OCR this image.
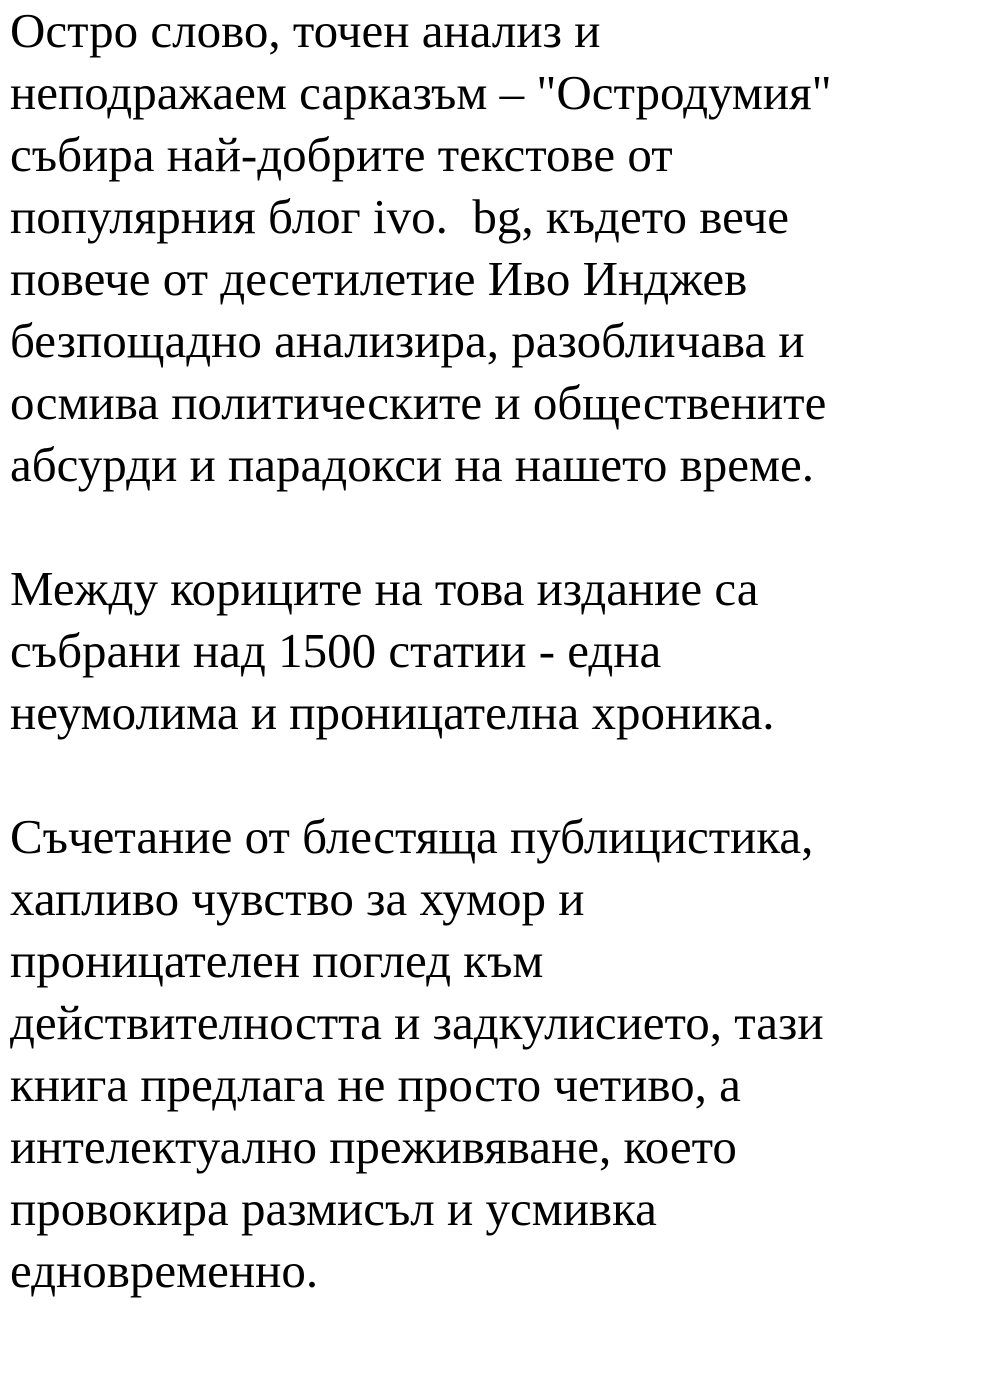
Остро слово, точен анализ и
неподражаем сарказъм – "Остродумия"
събира най-добрите текстове от
популярния блог ivo.  bg, където вече
повече от десетилетие Иво Инджев
безпощадно анализира, разобличава и
осмива политическите и обществените
абсурди и парадокси на нашето време.
Между кориците на това издание са
събрани над 1500 статии - една
неумолима и проницателна хроника.
Съчетание от блестяща публицистика,
хапливо чувство за хумор и
проницателен поглед към
действителността и задкулисието, тази
книга предлага не просто четиво, а
интелектуално преживяване, което
провокира размисъл и усмивка
едновременно.
